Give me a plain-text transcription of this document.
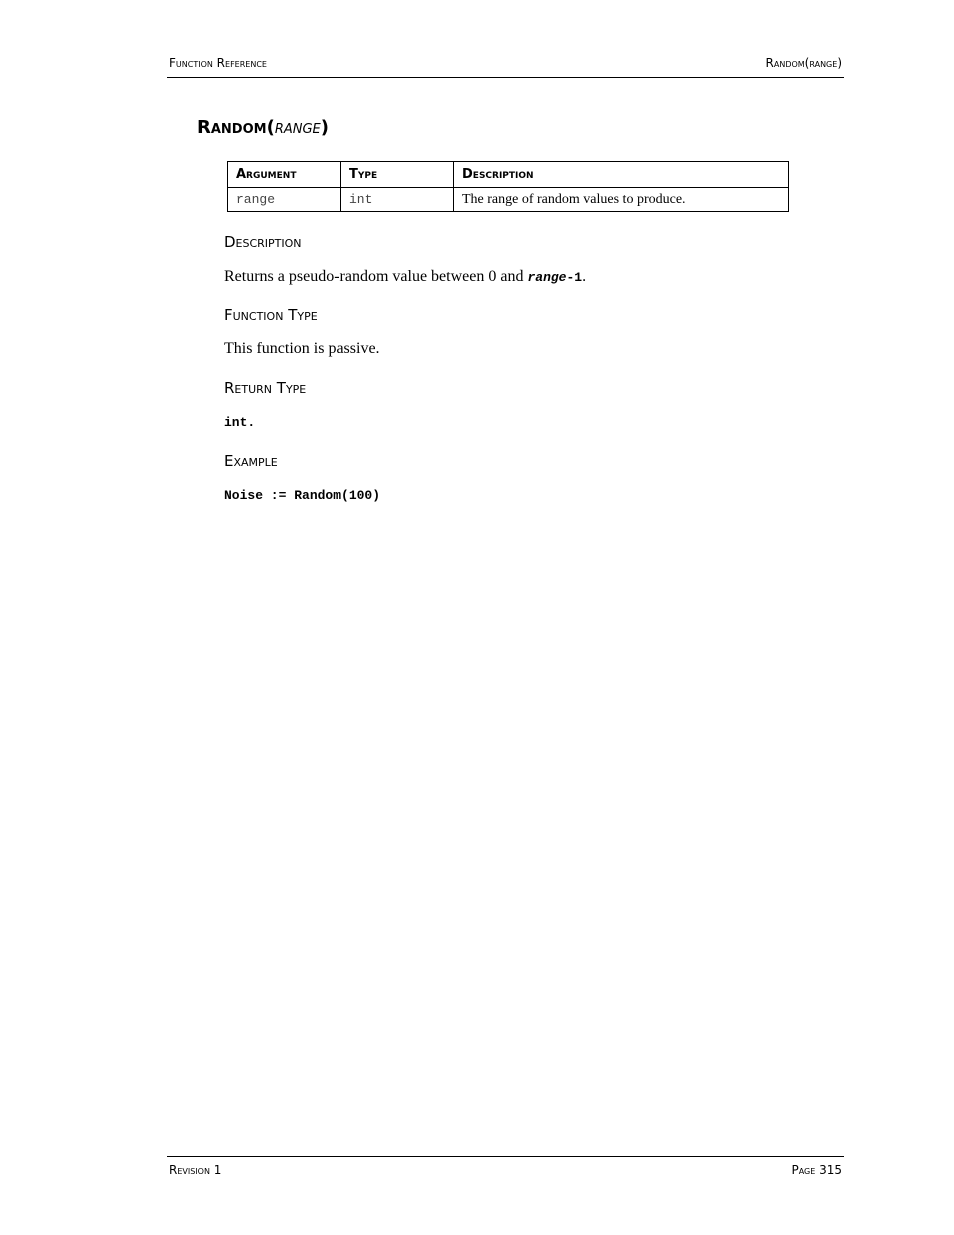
Function Reference	Random(range)
Random(range)
Argument	Type	Description
range	int	The range of random values to produce.
Description
Returns a pseudo-random value between 0 and range-1.
Function Type
This function is passive.
Return Type
int.
Example
Noise := Random(100)
Revision 1	Page 315
